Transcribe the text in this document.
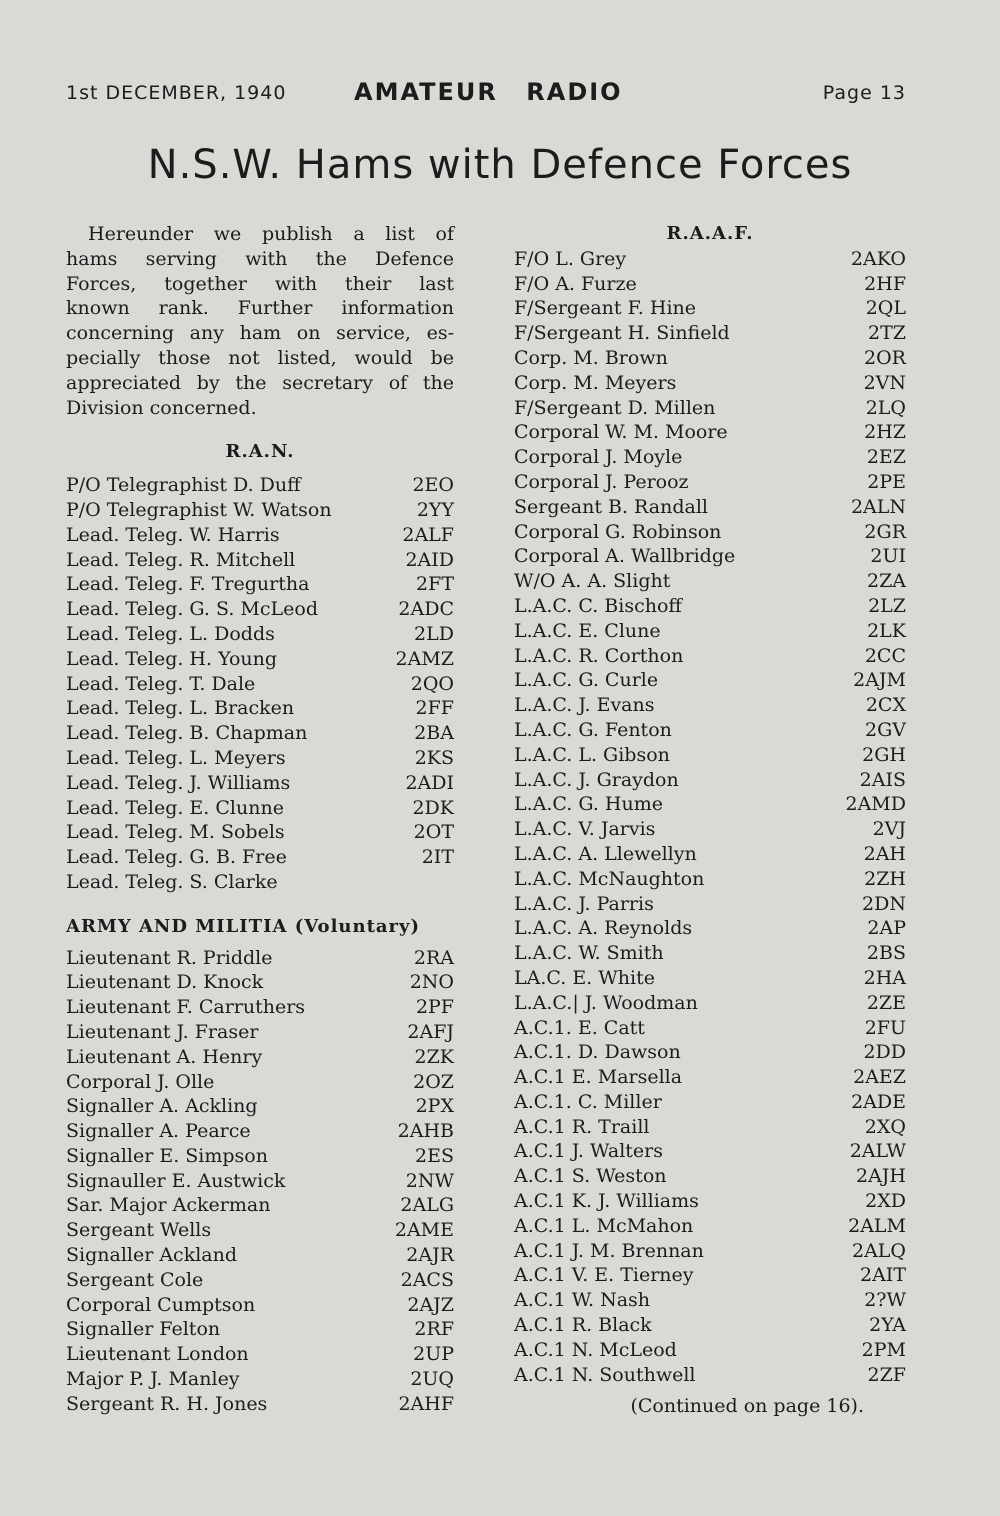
1st DECEMBER, 1940	AMATEUR RADIO	Page 13
N.S.W. Hams with Defence Forces
Hereunder we publish a list of
hams serving with the Defence
Forces, together with their last
known rank. Further information
concerning any ham on service, es-
pecially those not listed, would be
appreciated by the secretary of the
Division concerned.
R.A.N.
P/O Telegraphist D. Duff	2EO
P/O Telegraphist W. Watson	2YY
Lead. Teleg. W. Harris	2ALF
Lead. Teleg. R. Mitchell	2AID
Lead. Teleg. F. Tregurtha	2FT
Lead. Teleg. G. S. McLeod	2ADC
Lead. Teleg. L. Dodds	2LD
Lead. Teleg. H. Young	2AMZ
Lead. Teleg. T. Dale	2QO
Lead. Teleg. L. Bracken	2FF
Lead. Teleg. B. Chapman	2BA
Lead. Teleg. L. Meyers	2KS
Lead. Teleg. J. Williams	2ADI
Lead. Teleg. E. Clunne	2DK
Lead. Teleg. M. Sobels	2OT
Lead. Teleg. G. B. Free	2IT
Lead. Teleg. S. Clarke
ARMY AND MILITIA (Voluntary)
Lieutenant R. Priddle	2RA
Lieutenant D. Knock	2NO
Lieutenant F. Carruthers	2PF
Lieutenant J. Fraser	2AFJ
Lieutenant A. Henry	2ZK
Corporal J. Olle	2OZ
Signaller A. Ackling	2PX
Signaller A. Pearce	2AHB
Signaller E. Simpson	2ES
Signauller E. Austwick	2NW
Sar. Major Ackerman	2ALG
Sergeant Wells	2AME
Signaller Ackland	2AJR
Sergeant Cole	2ACS
Corporal Cumptson	2AJZ
Signaller Felton	2RF
Lieutenant London	2UP
Major P. J. Manley	2UQ
Sergeant R. H. Jones	2AHF
R.A.A.F.
F/O L. Grey	2AKO
F/O A. Furze	2HF
F/Sergeant F. Hine	2QL
F/Sergeant H. Sinfield	2TZ
Corp. M. Brown	2OR
Corp. M. Meyers	2VN
F/Sergeant D. Millen	2LQ
Corporal W. M. Moore	2HZ
Corporal J. Moyle	2EZ
Corporal J. Perooz	2PE
Sergeant B. Randall	2ALN
Corporal G. Robinson	2GR
Corporal A. Wallbridge	2UI
W/O A. A. Slight	2ZA
L.A.C. C. Bischoff	2LZ
L.A.C. E. Clune	2LK
L.A.C. R. Corthon	2CC
L.A.C. G. Curle	2AJM
L.A.C. J. Evans	2CX
L.A.C. G. Fenton	2GV
L.A.C. L. Gibson	2GH
L.A.C. J. Graydon	2AIS
L.A.C. G. Hume	2AMD
L.A.C. V. Jarvis	2VJ
L.A.C. A. Llewellyn	2AH
L.A.C. McNaughton	2ZH
L.A.C. J. Parris	2DN
L.A.C. A. Reynolds	2AP
L.A.C. W. Smith	2BS
LA.C. E. White	2HA
L.A.C.| J. Woodman	2ZE
A.C.1. E. Catt	2FU
A.C.1. D. Dawson	2DD
A.C.1 E. Marsella	2AEZ
A.C.1. C. Miller	2ADE
A.C.1 R. Traill	2XQ
A.C.1 J. Walters	2ALW
A.C.1 S. Weston	2AJH
A.C.1 K. J. Williams	2XD
A.C.1 L. McMahon	2ALM
A.C.1 J. M. Brennan	2ALQ
A.C.1 V. E. Tierney	2AIT
A.C.1 W. Nash	2?W
A.C.1 R. Black	2YA
A.C.1 N. McLeod	2PM
A.C.1 N. Southwell	2ZF
(Continued on page 16).
